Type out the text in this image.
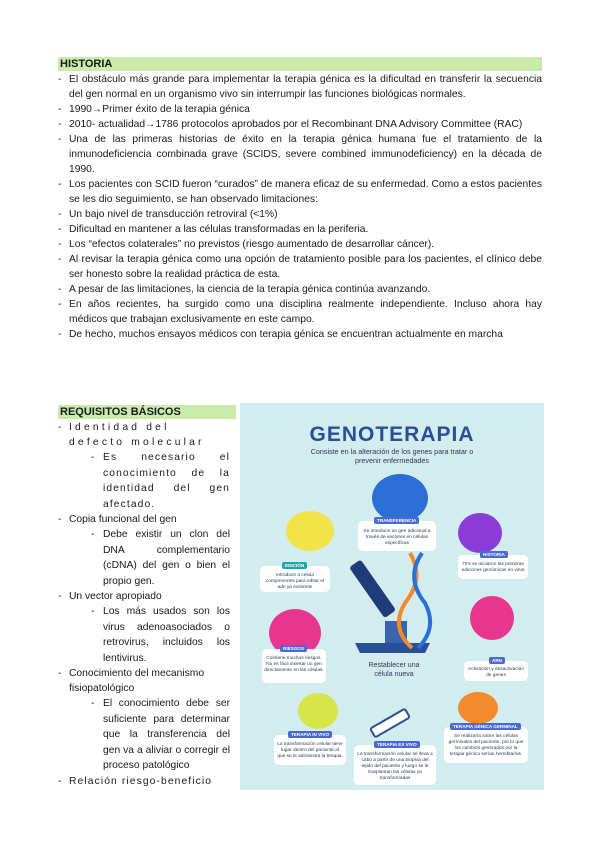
HISTORIA
- El obstáculo más grande para implementar la terapia génica es la dificultad en transferir la secuencia del gen normal en un organismo vivo sin interrumpir las funciones biológicas normales.
- 1990→Primer éxito de la terapia génica
- 2010- actualidad→1786 protocolos aprobados por el Recombinant DNA Advisory Committee (RAC)
- Una de las primeras historias de éxito en la terapia génica humana fue el tratamiento de la inmunodeficiencia combinada grave (SCIDS, severe combined immunodeficiency) en la década de 1990.
- Los pacientes con SCID fueron “curados” de manera eficaz de su enfermedad. Como a estos pacientes se les dio seguimiento, se han observado limitaciones:
- Un bajo nivel de transducción retroviral (<1%)
- Dificultad en mantener a las células transformadas en la periferia.
- Los “efectos colaterales” no previstos (riesgo aumentado de desarrollar cáncer).
- Al revisar la terapia génica como una opción de tratamiento posible para los pacientes, el clínico debe ser honesto sobre la realidad práctica de esta.
- A pesar de las limitaciones, la ciencia de la terapia génica continúa avanzando.
- En años recientes, ha surgido como una disciplina realmente independiente. Incluso ahora hay médicos que trabajan exclusivamente en este campo.
- De hecho, muchos ensayos médicos con terapia génica se encuentran actualmente en marcha
REQUISITOS BÁSICOS
- Identidad del defecto molecular
- Es necesario el conocimiento de la identidad del gen afectado.
- Copia funcional del gen
- Debe existir un clon del DNA complementario (cDNA) del gen o bien el propio gen.
- Un vector apropiado
- Los más usados son los virus adenoasociados o retrovirus, incluidos los lentivirus.
- Conocimiento del mecanismo fisiopatológico
- El conocimiento debe ser suficiente para determinar que la transferencia del gen va a aliviar o corregir el proceso patológico
- Relación riesgo-beneficio
GENOTERAPIA
Consiste en la alteración de los genes para tratar o prevenir enfermedades
TRANSFERENCIA
Se introduce un gen adicional a través de vectores en células específicas
HISTORIA
70's se iniciaron las primeras ediciones genómicas en virus
EDICIÓN
Introduce a célula componentes para editar el adn ya existente
RIESGOS
Contiene muchos riesgos. No es fácil insertar un gen directamente en las células.
Restablecer una célula nueva
ARN
Activación y desactivación de genes
TERAPIA IN VIVO
La transformación celular tiene lugar dentro del paciente al que se le administra la terapia.
TERAPIA EX VIVO
La transformación celular se lleva a cabo a partir de una biopsia del tejido del paciente y luego se le trasplantan las células ya transformadas
TERAPIA GÉNICA GERMINAL
Se realizaría sobre las células germinales del paciente, por lo que los cambios generados por la terapia génica serían hereditarios.
